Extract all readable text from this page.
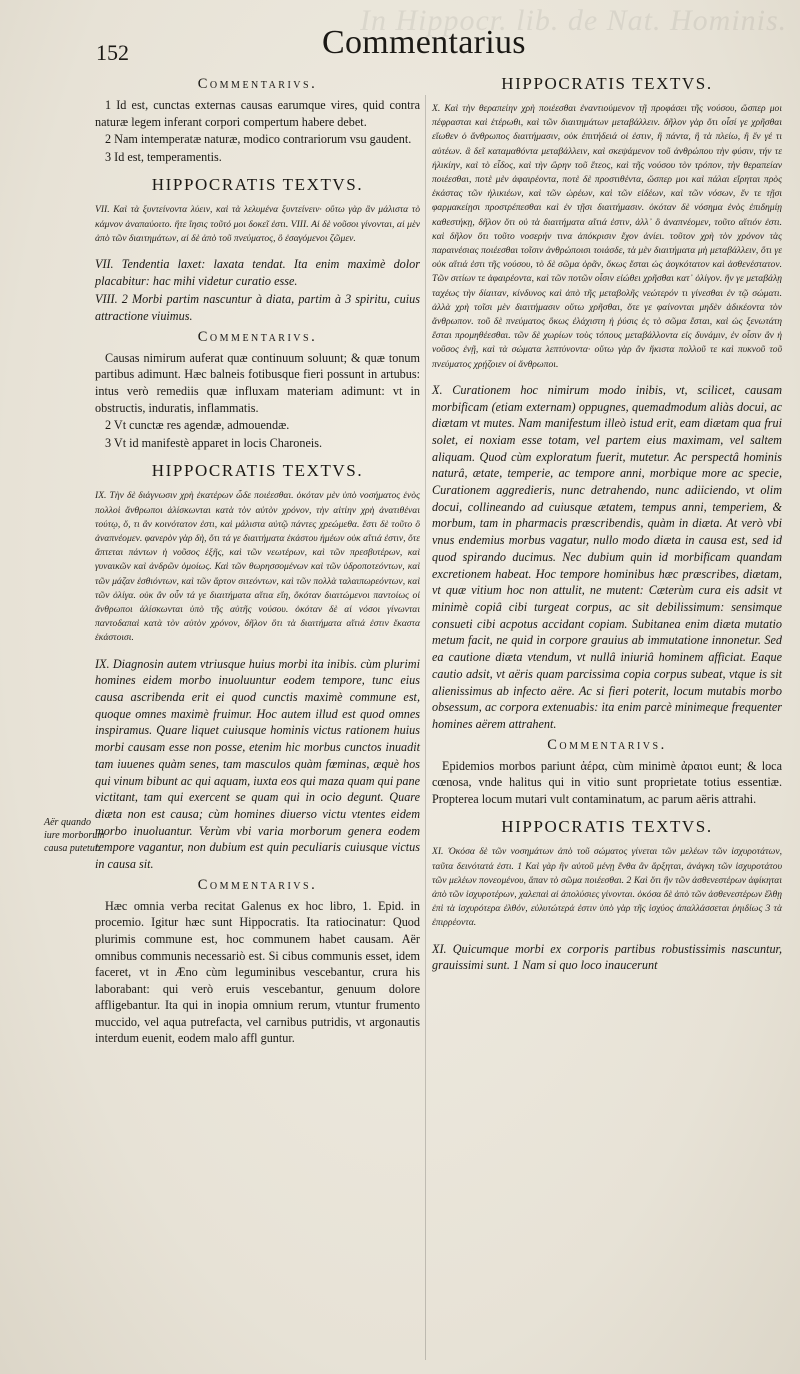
In Hippocr. lib. de Nat. Hominis.
152	Commentarius
Aër quando iure morborum causa putetur.
Commentarivs.

1 Id est, cunctas externas causas earumque vires, quid contra naturæ legem inferant corpori compertum habere debet.

2 Nam intemperatæ naturæ, modico contrariorum vsu gaudent.

3 Id est, temperamentis.

HIPPOCRATIS TEXTVS.

VII. Καὶ τὰ ξυντείνοντα λύειν, καὶ τὰ λελυμένα ξυντείνειν· οὕτω γὰρ ἂν μάλιστα τὸ κάμνον ἀναπαύοιτο. ἥτε ἴησις τοῦτό μοι δοκεῖ ἐστι. VIII. Αἱ δὲ νοῦσοι γίνονται, αἱ μὲν ἀπὸ τῶν διαιτημάτων, αἱ δὲ ἀπὸ τοῦ πνεύματος, ὃ ἐσαγόμενοι ζῶμεν.

VII. Tendentia laxet: laxata tendat. Ita enim maximè dolor placabitur: hac mihi videtur curatio esse.

VIII. 2 Morbi partim nascuntur à diata, partim à 3 spiritu, cuius attractione viuimus.

Commentarivs.

Causas nimirum auferat quæ continuum soluunt; & quæ tonum partibus adimunt. Hæc balneis fotibusque fieri possunt in artubus: intus verò remediis quæ influxam materiam adimunt: vt in obstructis, induratis, inflammatis.

2 Vt cunctæ res agendæ, admouendæ.

3 Vt id manifestè apparet in locis Charoneis.

HIPPOCRATIS TEXTVS.

IX. Τὴν δὲ διάγνωσιν χρὴ ἑκατέρων ὧδε ποιέεσθαι. ὁκόταν μὲν ὑπὸ νοσήματος ἑνὸς πολλοὶ ἄνθρωποι ἁλίσκωνται κατὰ τὸν αὐτὸν χρόνον, τὴν αἰτίην χρὴ ἀνατιθέναι τούτῳ, ὅ, τι ἂν κοινότατον ἐστι, καὶ μάλιστα αὐτῷ πάντες χρεώμεθα. ἔστι δὲ τοῦτο ὃ ἀναπνέομεν. φανερὸν γὰρ δὴ, ὅτι τά γε διαιτήματα ἑκάστου ἡμέων οὐκ αἴτιά ἐστιν, ὅτε ἅπτεται πάντων ἡ νοῦσος ἑξῆς, καὶ τῶν νεωτέρων, καὶ τῶν πρεσβυτέρων, καὶ γυναικῶν καὶ ἀνδρῶν ὁμοίως. Καὶ τῶν θωρησσομένων καὶ τῶν ὑδροποτεόντων, καὶ τῶν μάζαν ἐσθιόντων, καὶ τῶν ἄρτον σιτεόντων, καὶ τῶν πολλὰ ταλαιπωρεόντων, καὶ τῶν ὀλίγα. οὐκ ἂν οὖν τά γε διαιτήματα αἴτια εἴη, ὅκόταν διαιτώμενοι παντοίως οἱ ἄνθρωποι ἁλίσκωνται ὑπὸ τῆς αὐτῆς νούσου. ὁκόταν δὲ αἱ νόσοι γίνωνται παντοδαπαὶ κατὰ τὸν αὐτὸν χρόνον, δῆλον ὅτι τὰ διαιτήματα αἴτιά ἐστιν ἕκαστα ἑκάστοισι.

IX. Diagnosin autem vtriusque huius morbi ita inibis. cùm plurimi homines eidem morbo inuoluuntur eodem tempore, tunc eius causa ascribenda erit ei quod cunctis maximè commune est, quoque omnes maximè fruimur. Hoc autem illud est quod omnes inspiramus. Quare liquet cuiusque hominis victus rationem huius morbi causam esse non posse, etenim hic morbus cunctos inuadit tam iuuenes quàm senes, tam masculos quàm fœminas, æquè hos qui vinum bibunt ac qui aquam, iuxta eos qui maza quam qui pane victitant, tam qui exercent se quam qui in ocio degunt. Quare diæta non est causa; cùm homines diuerso victu vtentes eidem morbo inuoluantur. Verùm vbi varia morborum genera eodem tempore vagantur, non dubium est quin peculiaris cuiusque victus in causa sit.

Commentarivs.

Hæc omnia verba recitat Galenus ex hoc libro, 1. Epid. in procemio. Igitur hæc sunt Hippocratis. Ita ratiocinatur: Quod plurimis commune est, hoc communem habet causam. Aër omnibus communis necessariò est. Si cibus communis esset, idem faceret, vt in Æno cùm leguminibus vescebantur, crura his laborabant: qui verò eruis vescebantur, genuum dolore affligebantur. Ita qui in inopia omnium rerum, vtuntur frumento muccido, vel aqua putrefacta, vel carnibus putridis, vt argonautis interdum euenit, eodem malo affl guntur.

HIPPOCRATIS TEXTVS.

X. Καὶ τὴν θεραπείην χρὴ ποιέεσθαι ἐναντιούμενον τῇ προφάσει τῆς νούσου, ὥσπερ μοι πέφρασται καὶ ἑτέρωθι, καὶ τῶν διαιτημάτων μεταβάλλειν. δῆλον γὰρ ὅτι οἷσί γε χρῆσθαι εἴωθεν ὁ ἄνθρωπος διαιτήμασιν, οὐκ ἐπιτήδειά οἱ ἐστιν, ἢ πάντα, ἢ τὰ πλείω, ἢ ἕν γέ τι αὐτέων. ἃ δεῖ καταμαθόντα μεταβάλλειν, καὶ σκεψάμενον τοῦ ἀνθρώπου τὴν φύσιν, τήν τε ἡλικίην, καὶ τὸ εἶδος, καὶ τὴν ὥρην τοῦ ἔτεος, καὶ τῆς νούσου τὸν τρόπον, τὴν θεραπείαν ποιέεσθαι, ποτὲ μὲν ἀφαιρέοντα, ποτὲ δὲ προστιθέντα, ὥσπερ μοι καὶ πάλαι εἴρηται πρὸς ἑκάστας τῶν ἡλικιέων, καὶ τῶν ὡρέων, καὶ τῶν εἰδέων, καὶ τῶν νόσων, ἔν τε τῇσι φαρμακείῃσι προστρέπεσθαι καὶ ἐν τῇσι διαιτήμασιν. ὁκόταν δὲ νόσημα ἑνὸς ἐπιδημίῃ καθεστήκῃ, δῆλον ὅτι οὐ τὰ διαιτήματα αἴτιά ἐστιν, ἀλλ᾽ ὃ ἀναπνέομεν, τοῦτο αἴτιόν ἐστι. καὶ δῆλον ὅτι τοῦτο νοσερήν τινα ἀπόκρισιν ἔχον ἀνίει. τοῦτον χρὴ τὸν χρόνον τὰς παραινέσιας ποιέεσθαι τοῖσιν ἀνθρώποισι τοιάσδε, τὰ μὲν διαιτήματα μὴ μεταβάλλειν, ὅτι γε οὐκ αἴτιά ἐστι τῆς νούσου, τὸ δὲ σῶμα ὁρᾶν, ὅκως ἔσται ὡς ἀογκότατον καὶ ἀσθενέστατον. Τῶν σιτίων τε ἀφαιρέοντα, καὶ τῶν ποτῶν οἷσιν εἰώθει χρῆσθαι κατ᾽ ὀλίγον. ἤν γε μεταβάλῃ ταχέως τὴν δίαιταν, κίνδυνος καὶ ἀπὸ τῆς μεταβολῆς νεώτερόν τι γίνεσθαι ἐν τῷ σώματι. ἀλλὰ χρὴ τοῖσι μὲν διαιτήμασιν οὕτω χρῆσθαι, ὅτε γε φαίνονται μηδὲν ἀδικέοντα τὸν ἄνθρωπον. τοῦ δὲ πνεύματος ὅκως ἐλάχιστη ἡ ῥύσις ἐς τὸ σῶμα ἔσται, καὶ ὡς ξενωτάτη ἔσται προμηθέεσθαι. τῶν δὲ χωρίων τοὺς τόπους μεταβάλλοντα εἰς δυνάμιν, ἐν οἷσιν ἂν ἡ νοῦσος ἐνῇ, καὶ τὰ σώματα λεπτύνοντα· οὕτω γὰρ ἂν ἥκιστα πολλοῦ τε καὶ πυκνοῦ τοῦ πνεύματος χρῄζοιεν οἱ ἄνθρωποι.

X. Curationem hoc nimirum modo inibis, vt, scilicet, causam morbificam (etiam externam) oppugnes, quemadmodum aliàs docui, ac diætam vt mutes. Nam manifestum illeò istud erit, eam diætam qua frui solet, ei noxiam esse totam, vel partem eius maximam, vel saltem aliquam. Quod cùm exploratum fuerit, mutetur. Ac perspectâ hominis naturâ, ætate, temperie, ac tempore anni, morbique more ac specie, Curationem aggredieris, nunc detrahendo, nunc adiiciendo, vt olim docui, collineando ad cuiusque ætatem, tempus anni, temperiem, & morbum, tam in pharmacis præscribendis, quàm in diæta. At verò vbi vnus endemius morbus vagatur, nullo modo diæta in causa est, sed id quod spirando ducimus. Nec dubium quin id morbificam quandam excretionem habeat. Hoc tempore hominibus hæc præscribes, diætam, vt quæ vitium hoc non attulit, ne mutent: Cæterùm cura eis adsit vt minimè copiâ cibi turgeat corpus, ac sit debilissimum: sensimque consueti cibi acpotus accidant copiam. Subitanea enim diæta mutatio metum facit, ne quid in corpore grauius ab immutatione innonetur. Sed ea cautione diæta vtendum, vt nullâ iniuriâ hominem afficiat. Eaque cautio adsit, vt aëris quam parcissima copia corpus subeat, vtque is sit alienissimus ab infecto aëre. Ac si fieri poterit, locum mutabis morbo obsessum, ac corpora extenuabis: ita enim parcè minimeque frequenter homines aërem attrahent.

Commentarivs.

Epidemios morbos pariunt ἀέρα, cùm minimè ἀραιοι eunt; & loca cœnosa, vnde halitus qui in vitio sunt proprietate totius essentiæ. Propterea locum mutari vult contaminatum, ac parum aëris attrahi.

HIPPOCRATIS TEXTVS.

XI. Ὁκόσα δὲ τῶν νοσημάτων ἀπὸ τοῦ σώματος γίνεται τῶν μελέων τῶν ἰσχυροτάτων, ταῦτα δεινότατά ἐστι. 1 Καὶ γὰρ ἢν αὐτοῦ μένῃ ἔνθα ἂν ἄρξηται, ἀνάγκη τῶν ἰσχυροτάτου τῶν μελέων πονεομένου, ἅπαν τὸ σῶμα ποιέεσθαι. 2 Καὶ ὅτι ἢν τῶν ἀσθενεστέρων ἀφίκηται ἀπὸ τῶν ἰσχυροτέρων, χαλεπαὶ αἱ ἀπολύσιες γίνονται. ὁκόσα δὲ ἀπὸ τῶν ἀσθενεστέρων ἔλθῃ ἐπὶ τὰ ἰσχυρότερα ἐλθόν, εὐλυτώτερά ἐστιν ὑπὸ γὰρ τῆς ἰσχύος ἀπαλλάσσεται ῥηιδίως 3 τὰ ἐπιρρέοντα.

XI. Quicumque morbi ex corporis partibus robustissimis nascuntur, grauissimi sunt. 1 Nam si quo loco inaucerunt
